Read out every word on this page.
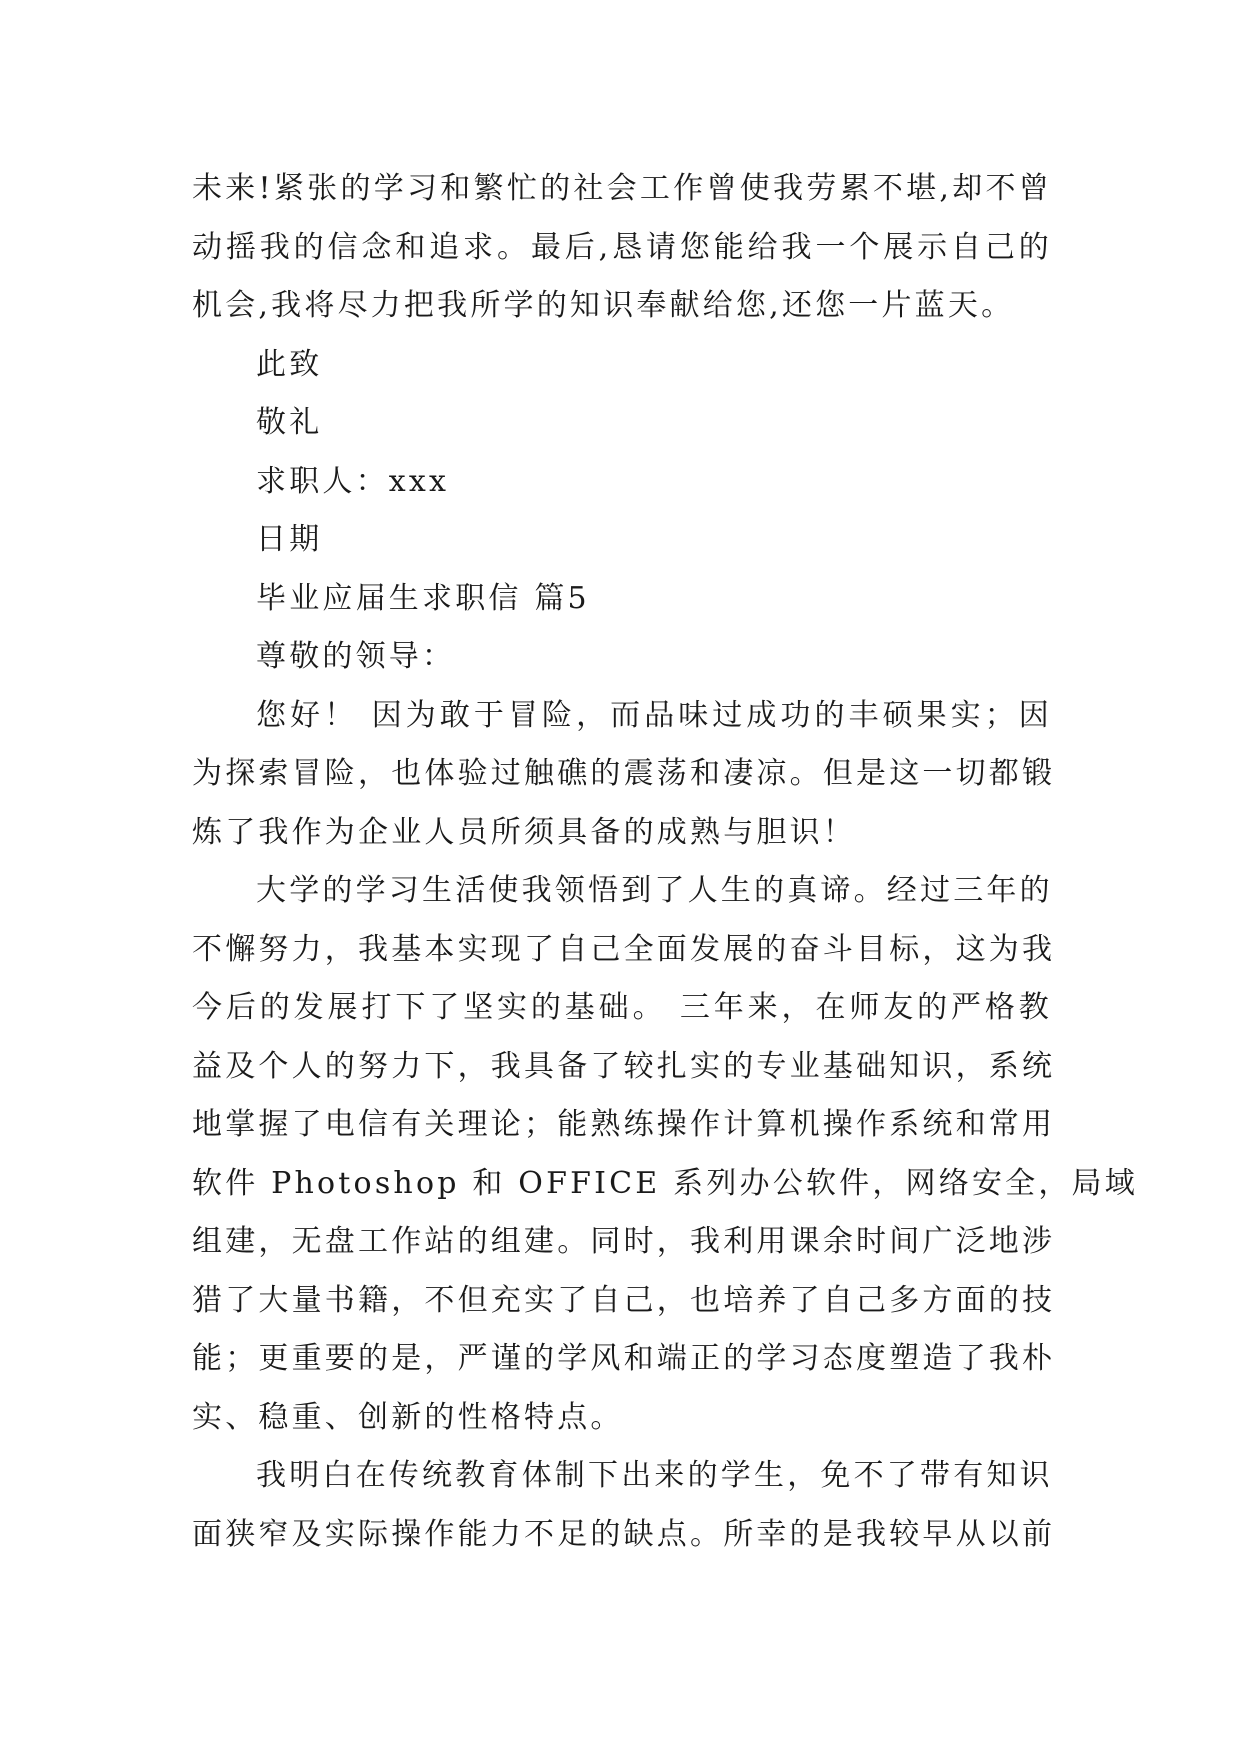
未来!紧张的学习和繁忙的社会工作曾使我劳累不堪,却不曾
动摇我的信念和追求。最后,恳请您能给我一个展示自己的
机会,我将尽力把我所学的知识奉献给您,还您一片蓝天。
此致
敬礼
求职人：xxx
日期
毕业应届生求职信 篇5
尊敬的领导：
您好！ 因为敢于冒险，而品味过成功的丰硕果实；因
为探索冒险，也体验过触礁的震荡和凄凉。但是这一切都锻
炼了我作为企业人员所须具备的成熟与胆识！
大学的学习生活使我领悟到了人生的真谛。经过三年的
不懈努力，我基本实现了自己全面发展的奋斗目标，这为我
今后的发展打下了坚实的基础。 三年来，在师友的严格教
益及个人的努力下，我具备了较扎实的专业基础知识，系统
地掌握了电信有关理论；能熟练操作计算机操作系统和常用
软件 Photoshop 和 OFFICE 系列办公软件，网络安全，局域
组建，无盘工作站的组建。同时，我利用课余时间广泛地涉
猎了大量书籍，不但充实了自己，也培养了自己多方面的技
能；更重要的是，严谨的学风和端正的学习态度塑造了我朴
实、稳重、创新的性格特点。
我明白在传统教育体制下出来的学生，免不了带有知识
面狭窄及实际操作能力不足的缺点。所幸的是我较早从以前
